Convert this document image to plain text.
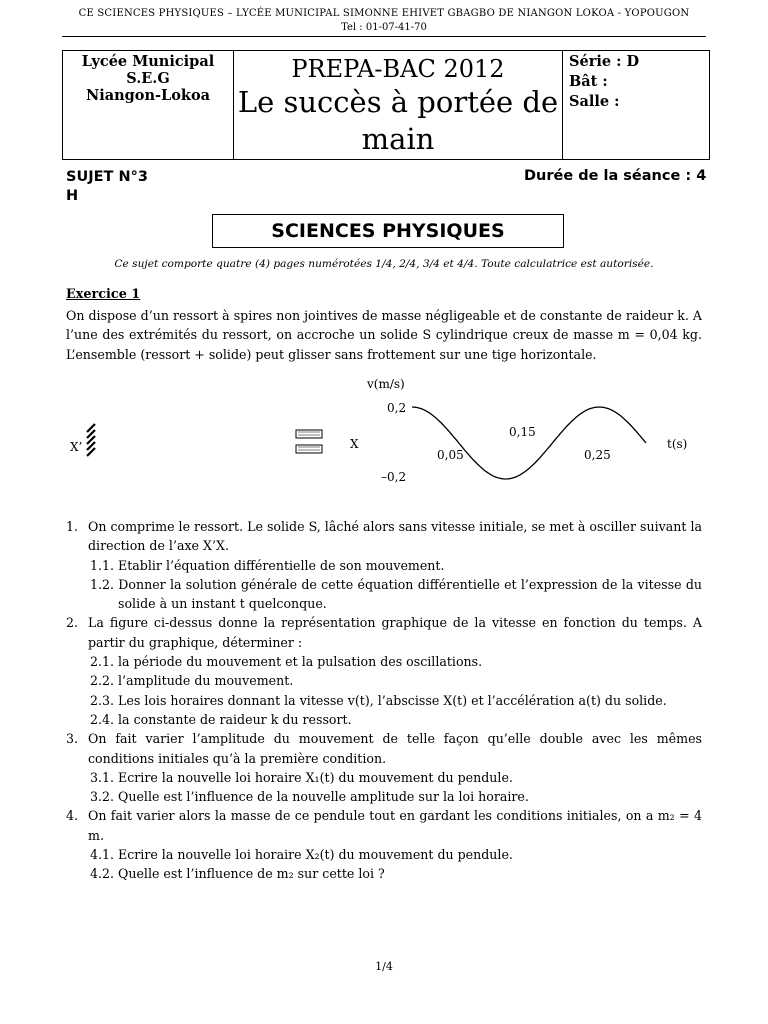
CE SCIENCES PHYSIQUES – LYCÉE MUNICIPAL SIMONNE EHIVET GBAGBO DE NIANGON LOKOA - YOPOUGON
Tel : 01-07-41-70
Lycée Municipal
S.E.G
Niangon-Lokoa

PREPA-BAC 2012
Le succès à portée de main

Série : D
Bât :
Salle :
SUJET N°3
H
Durée de la séance : 4
SCIENCES PHYSIQUES
Ce sujet comporte quatre (4) pages numérotées 1/4, 2/4, 3/4 et 4/4. Toute calculatrice est autorisée.
Exercice 1
On dispose d’un ressort à spires non jointives de masse négligeable et de constante de raideur k. A l’une des extrémités du ressort, on accroche un solide S cylindrique creux de masse m = 0,04 kg. L’ensemble (ressort + solide) peut glisser sans frottement sur une tige horizontale.
X’	X
v(m/s)
0,2
–0,2
0,05
0,15
0,25
t(s)
1. On comprime le ressort. Le solide S, lâché alors sans vitesse initiale, se met à osciller suivant la direction de l’axe X’X.
1.1. Etablir l’équation différentielle de son mouvement.
1.2. Donner la solution générale de cette équation différentielle et l’expression de la vitesse du solide à un instant t quelconque.
2. La figure ci-dessus donne la représentation graphique de la vitesse en fonction du temps. A partir du graphique, déterminer :
2.1. la période du mouvement et la pulsation des oscillations.
2.2. l’amplitude du mouvement.
2.3. Les lois horaires donnant la vitesse v(t), l’abscisse X(t) et l’accélération a(t) du solide.
2.4. la constante de raideur k du ressort.
3. On fait varier l’amplitude du mouvement de telle façon qu’elle double avec les mêmes conditions initiales qu’à la première condition.
3.1. Ecrire la nouvelle loi horaire X₁(t) du mouvement du pendule.
3.2. Quelle est l’influence de la nouvelle amplitude sur la loi horaire.
4. On fait varier alors la masse de ce pendule tout en gardant les conditions initiales, on a m₂ = 4 m.
4.1. Ecrire la nouvelle loi horaire X₂(t) du mouvement du pendule.
4.2. Quelle est l’influence de m₂ sur cette loi ?
1/4
